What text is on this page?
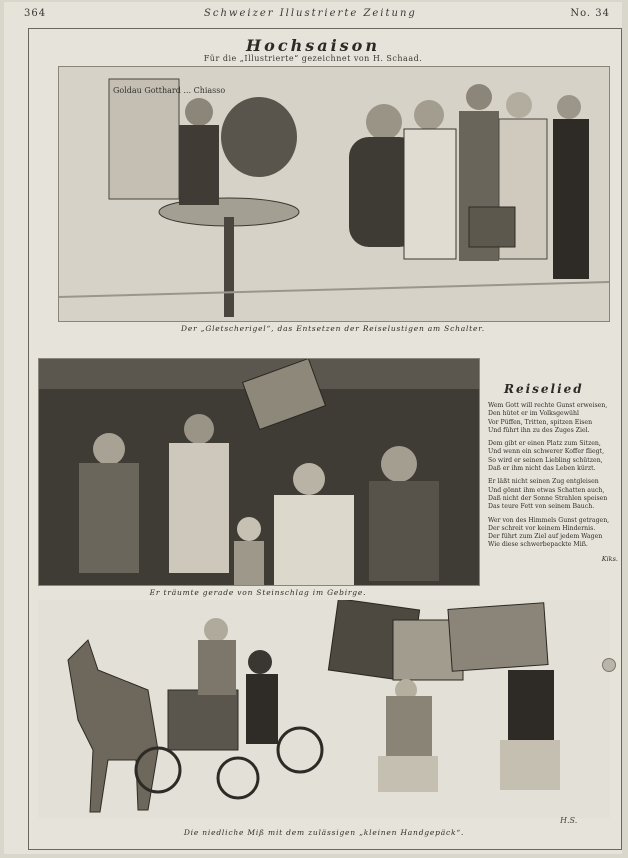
364	Schweizer Illustrierte Zeitung	No. 34
Hochsaison
Für die „Illustrierte“ gezeichnet von H. Schaad.
Goldau Gotthard ... Chiasso
Der „Gletscherigel“, das Entsetzen der Reiselustigen am Schalter.
Er träumte gerade von Steinschlag im Gebirge.
Reiselied
Wem Gott will rechte Gunst erweisen,
Den hütet er im Volksgewühl
Vor Püffen, Tritten, spitzen Eisen
Und führt ihn zu des Zuges Ziel.
Dem gibt er einen Platz zum Sitzen,
Und wenn ein schwerer Koffer fliegt,
So wird er seinen Liebling schützen,
Daß er ihm nicht das Leben kürzt.
Er läßt nicht seinen Zug entgleisen
Und gönnt ihm etwas Schatten auch,
Daß nicht der Sonne Strahlen speisen
Das teure Fett von seinem Bauch.
Wer von des Himmels Gunst getragen,
Der schreit vor keinem Hindernis.
Der führt zum Ziel auf jedem Wagen
Wie diese schwerbepackte Miß.
Kiks.
H.S.
Die niedliche Miß mit dem zulässigen „kleinen Handgepäck“.
